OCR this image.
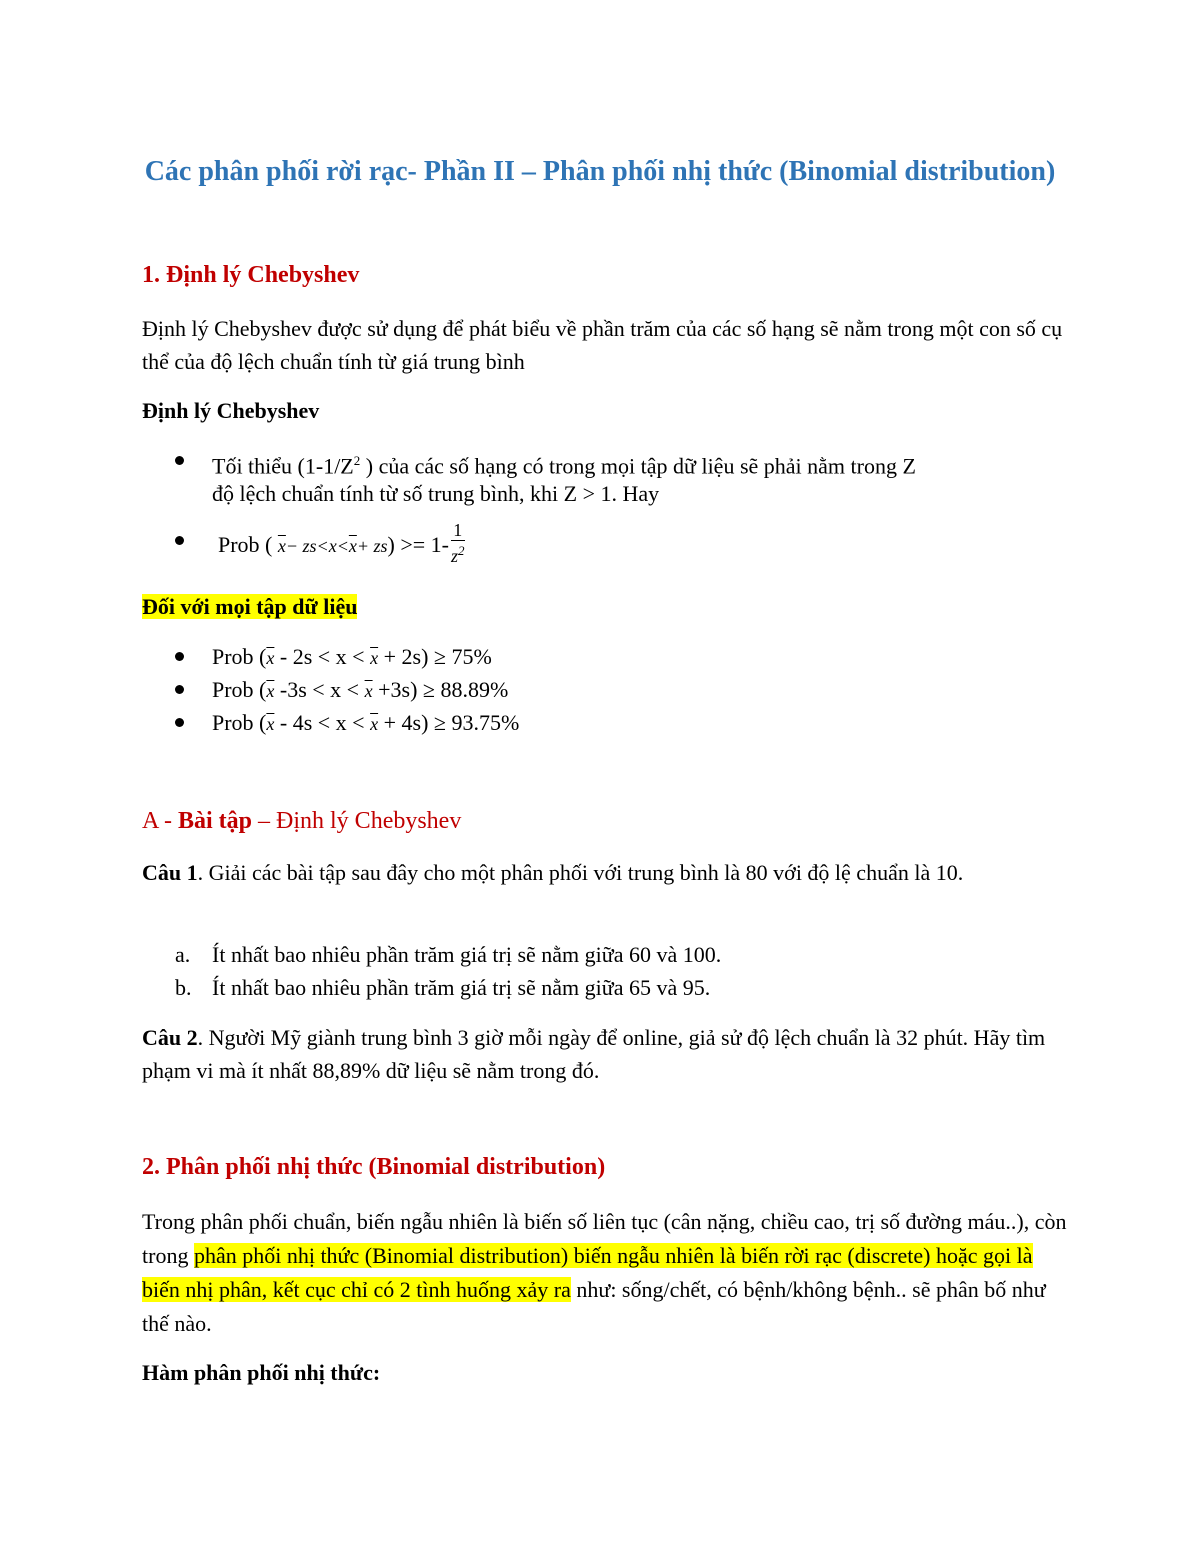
Các phân phối rời rạc- Phần II – Phân phối nhị thức (Binomial distribution)
1. Định lý Chebyshev
Định lý Chebyshev được sử dụng để phát biểu về phần trăm của các số hạng sẽ nằm trong một con số cụ thể của độ lệch chuẩn tính từ giá trung bình
Định lý Chebyshev
Tối thiểu ($1-1/Z^2$ ) của các số hạng có trong mọi tập dữ liệu sẽ phải nằm trong Z
độ lệch chuẩn tính từ số trung bình, khi Z > 1. Hay
Prob ( $\overline{x}- zs<x<\overline{x}+ zs) >= 1- \frac{1}{z^2}$
Đối với mọi tập dữ liệu
Prob $(\overline{x} - 2s < x < \overline{x} + 2s) \ge 75\%$
Prob ($\overline{x}$ $-3s < x < \overline{x} +3s) \ge 88.89\%$
Prob $(\overline{x} - 4s < x < \overline{x} + 4s) \ge 93.75\%$
A - Bài tập – Định lý Chebyshev
Câu 1. Giải các bài tập sau đây cho một phân phối với trung bình là 80 với độ lệ chuẩn là 10.
a. Ít nhất bao nhiêu phần trăm giá trị sẽ nằm giữa 60 và 100.
b. Ít nhất bao nhiêu phần trăm giá trị sẽ nằm giữa 65 và 95.
Câu 2. Người Mỹ giành trung bình 3 giờ mỗi ngày để online, giả sử độ lệch chuẩn là 32 phút. Hãy tìm phạm vi mà ít nhất 88,89% dữ liệu sẽ nằm trong đó.
2. Phân phối nhị thức (Binomial distribution)
Trong phân phối chuẩn, biến ngẫu nhiên là biến số liên tục (cân nặng, chiều cao, trị số đường máu..), còn trong phân phối nhị thức (Binomial distribution) biến ngẫu nhiên là biến rời rạc (discrete) hoặc gọi là biến nhị phân, kết cục chỉ có 2 tình huống xảy ra như: sống/chết, có bệnh/không bệnh.. sẽ phân bố như thế nào.
Hàm phân phối nhị thức:
